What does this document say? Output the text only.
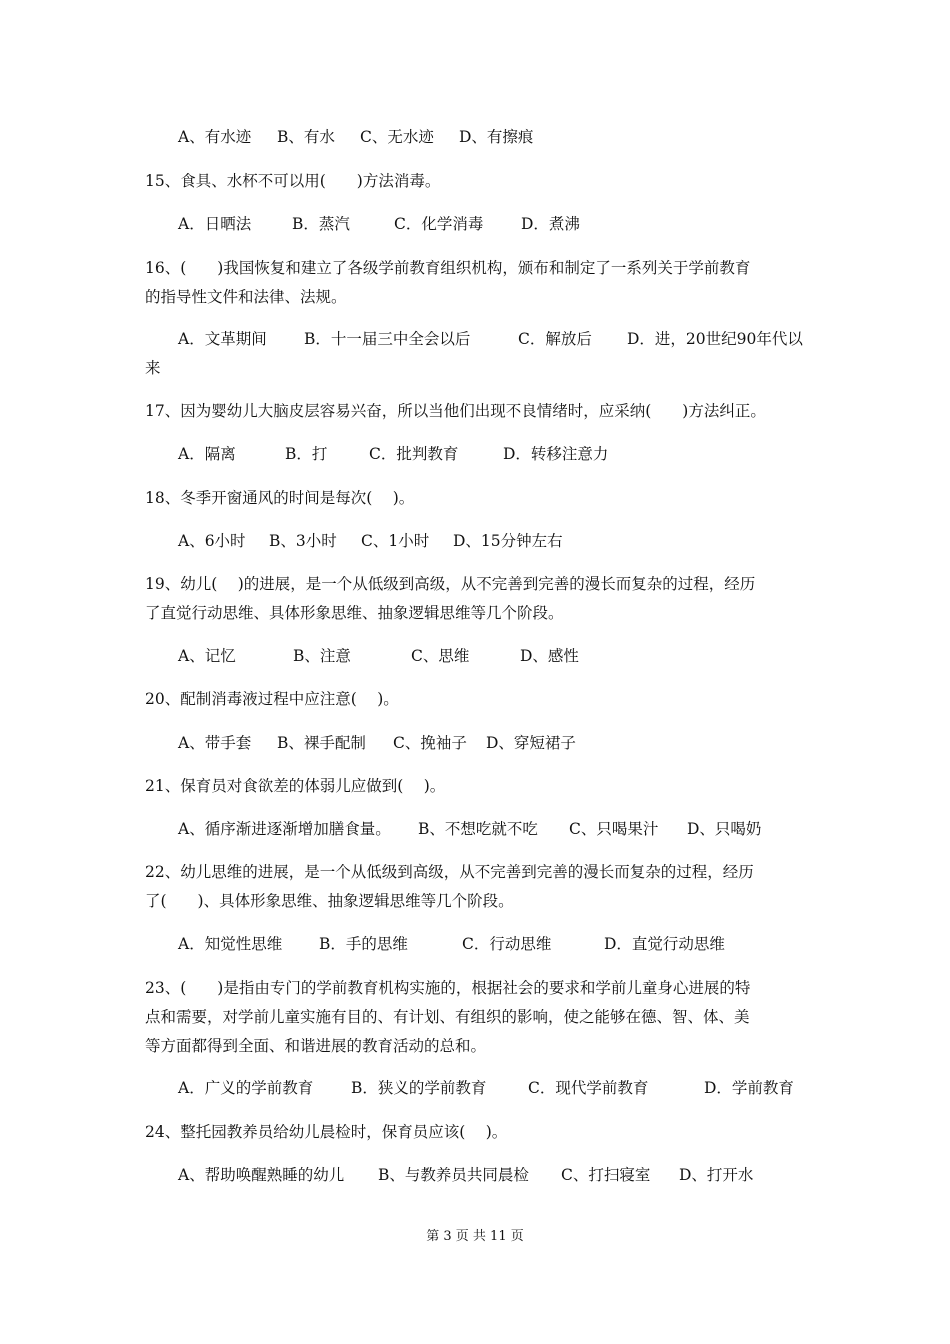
A、有水迹 B、有水 C、无水迹 D、有擦痕
15、食具、水杯不可以用(　　)方法消毒。
A．日晒法	B．蒸汽	C．化学消毒 D．煮沸
16、(　　)我国恢复和建立了各级学前教育组织机构，颁布和制定了一系列关于学前教育
的指导性文件和法律、法规。
A．文革期间 B．十一届三中全会以后	C．解放后 D．进，20世纪90年代以
来
17、因为婴幼儿大脑皮层容易兴奋，所以当他们出现不良情绪时，应采纳(　　)方法纠正。
A．隔离	B．打	C．批判教育	D．转移注意力
18、冬季开窗通风的时间是每次(　 )。
A、6小时 B、3小时 C、1小时 D、15分钟左右
19、幼儿(　 )的进展，是一个从低级到高级，从不完善到完善的漫长而复杂的过程，经历
了直觉行动思维、具体形象思维、抽象逻辑思维等几个阶段。
A、记忆	B、注意	C、思维	D、感性
20、配制消毒液过程中应注意(　 )。
A、带手套 B、裸手配制 C、挽袖子 D、穿短裙子
21、保育员对食欲差的体弱儿应做到(　 )。
A、循序渐进逐渐增加膳食量。 B、不想吃就不吃 C、只喝果汁 D、只喝奶
22、幼儿思维的进展，是一个从低级到高级，从不完善到完善的漫长而复杂的过程，经历
了(　　)、具体形象思维、抽象逻辑思维等几个阶段。
A．知觉性思维 B．手的思维	C．行动思维	D．直觉行动思维
23、(　　)是指由专门的学前教育机构实施的，根据社会的要求和学前儿童身心进展的特
点和需要，对学前儿童实施有目的、有计划、有组织的影响，使之能够在德、智、体、美
等方面都得到全面、和谐进展的教育活动的总和。
A．广义的学前教育 B．狭义的学前教育	C．现代学前教育	D．学前教育
24、整托园教养员给幼儿晨检时，保育员应该(　 )。
A、帮助唤醒熟睡的幼儿 B、与教养员共同晨检 C、打扫寝室 D、打开水
第 3 页 共 11 页
